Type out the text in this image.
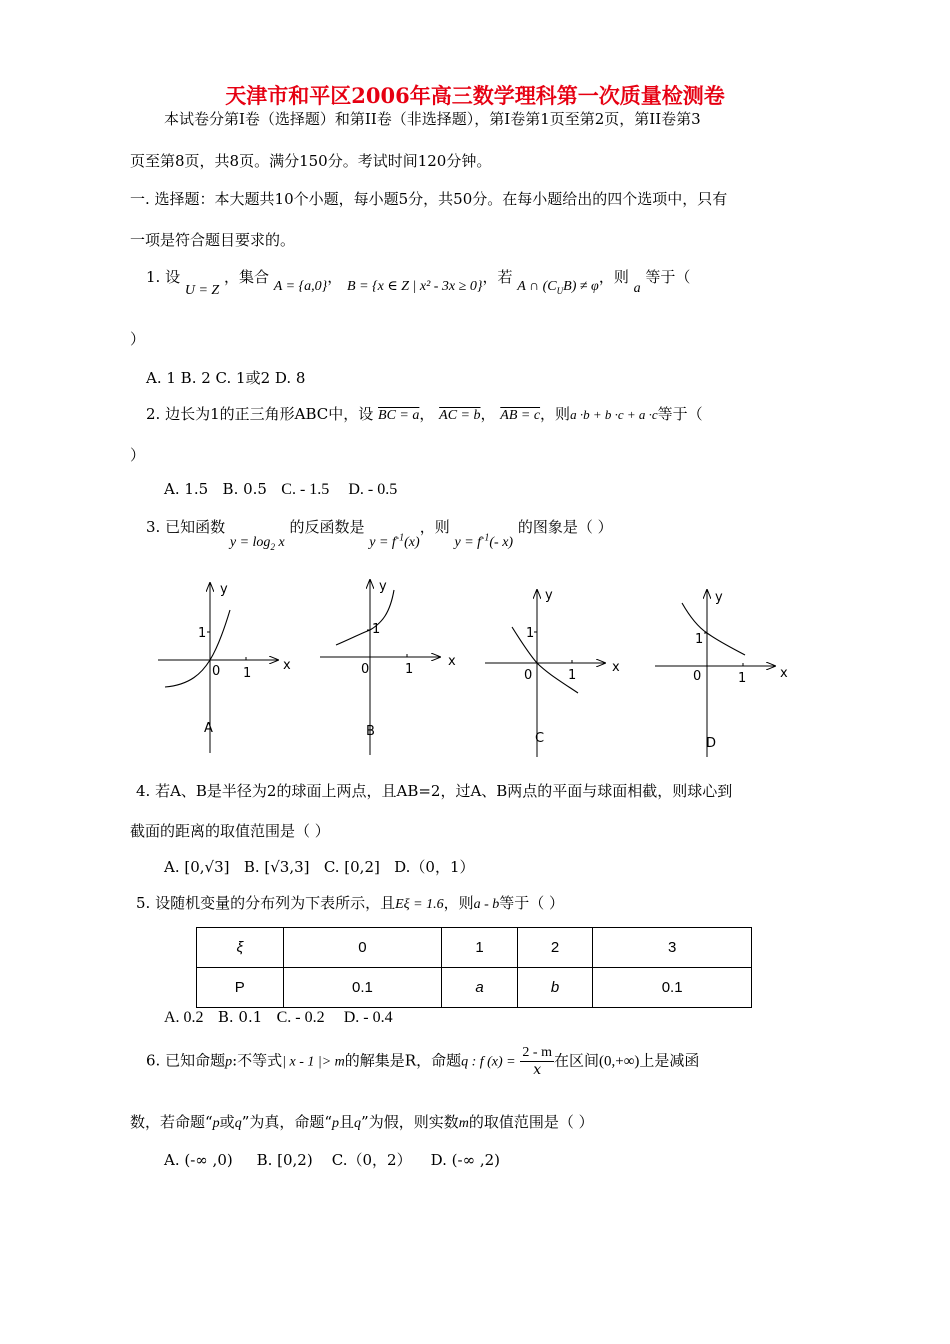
天津市和平区2006年高三数学理科第一次质量检测卷
本试卷分第I卷（选择题）和第II卷（非选择题），第I卷第1页至第2页，第II卷第3
页至第8页，共8页。满分150分。考试时间120分钟。
一. 选择题：本大题共10个小题，每小题5分，共50分。在每小题给出的四个选项中，只有
一项是符合题目要求的。
1. 设 U = Z ，集合 A = {a,0}， B = {x ∈ Z | x² - 3x ≥ 0}，若 A ∩ $(C_UB) \ne \varphi$，则 a 等于（
）
A. 1 B. 2 C. 1或2 D. 8
2. 边长为1的正三角形ABC中，设 BC = a， AC = b， AB = c，则a ·b + b ·c + a ·c等于（
）
A. 1.5 B. 0.5 C. - 1.5 D. - 0.5
3. 已知函数 $y = \log_2 x$ 的反函数是 $y = f^{-1}(x)$，则 $y = f^{-1}(-$ x) 的图象是（ ）
y
x
1
0 1
A
y
x
1
0	1
B
y
x
1
0	1
C
y
x
1
0	1
D
4. 若A、B是半径为2的球面上两点，且AB=2，过A、B两点的平面与球面相截，则球心到
截面的距离的取值范围是（ ）
A. [0,√3] B. [√3,3] C. [0,2] D.（0，1）
5. 设随机变量的分布列为下表所示，且Eξ = 1.6，则a - b等于（ ）
ξ	0	1	2	3
P	0.1	a	b	0.1
A. 0.2 B. 0.1 C. - 0.2 D. - 0.4
6. 已知命题p:不等式| x - 1 |> m的解集是R，命题q : f $(x) = \frac{2 - m}{x}$ 在区间(0,+∞)上是减函
数，若命题“p或q”为真，命题“p且q”为假，则实数m的取值范围是（ ）
A. (-∞ ,0) B. [0,2) C.（0，2） D. (-∞ ,2)
